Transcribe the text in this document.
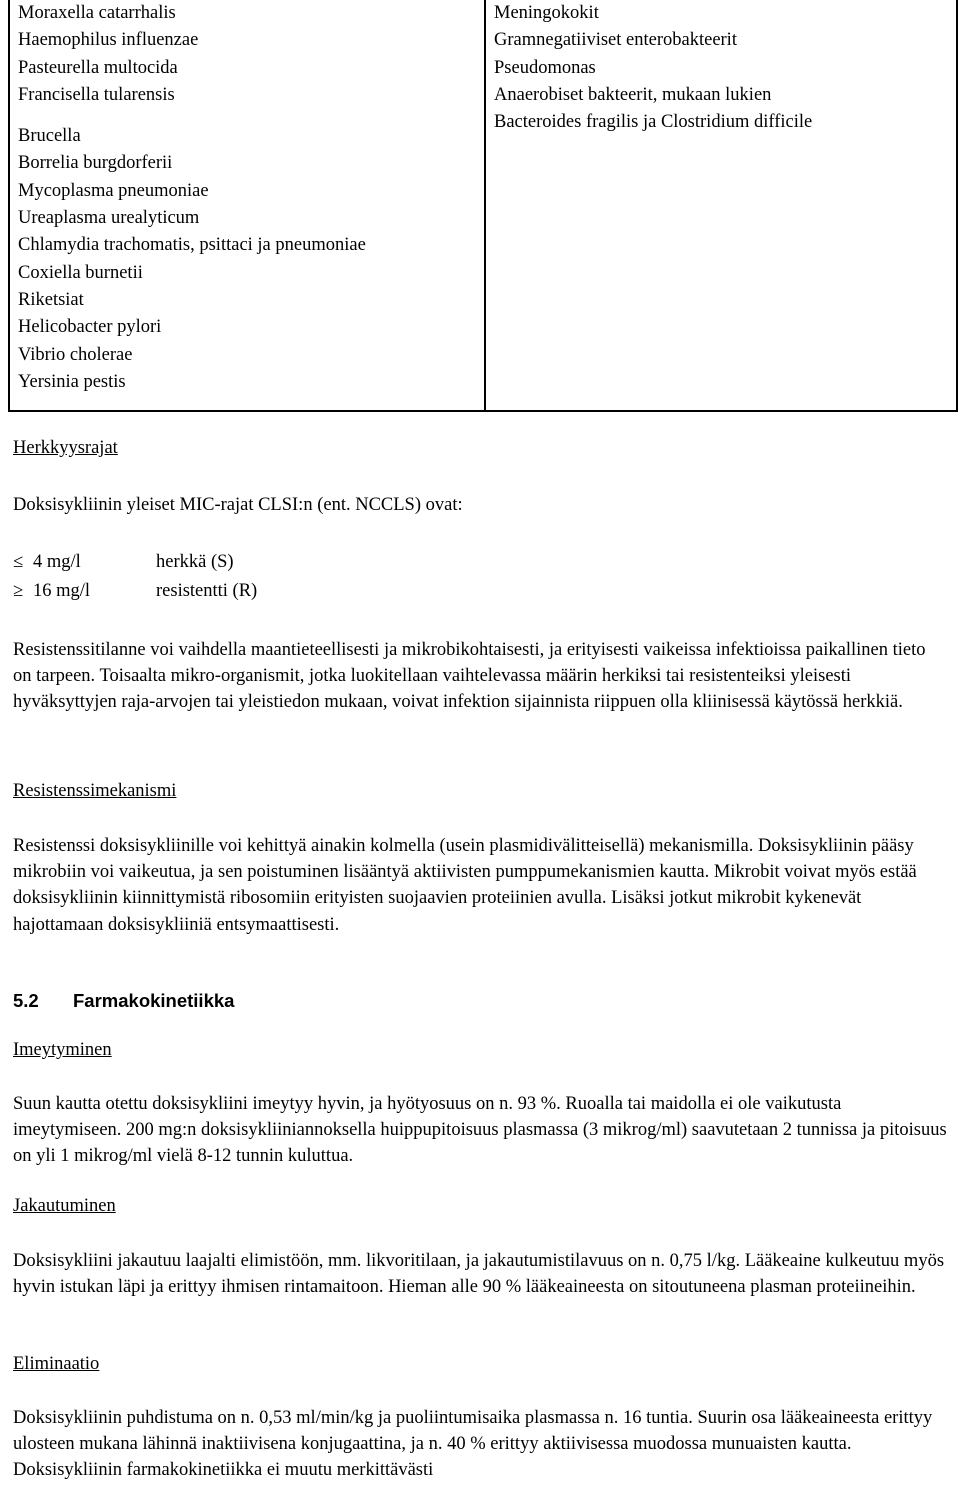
Moraxella catarrhalis
Haemophilus influenzae
Pasteurella multocida
Francisella tularensis
Brucella
Borrelia burgdorferii
Mycoplasma pneumoniae
Ureaplasma urealyticum
Chlamydia trachomatis, psittaci ja pneumoniae
Coxiella burnetii
Riketsiat
Helicobacter pylori
Vibrio cholerae
Yersinia pestis
Meningokokit
Gramnegatiiviset enterobakteerit
Pseudomonas
Anaerobiset bakteerit, mukaan lukien
Bacteroides fragilis ja Clostridium difficile
Herkkyysrajat
Doksisykliinin yleiset MIC-rajat CLSI:n (ent. NCCLS) ovat:
≤ 4 mg/l	herkkä (S)
≥ 16 mg/l	resistentti (R)
Resistenssitilanne voi vaihdella maantieteellisesti ja mikrobikohtaisesti, ja erityisesti vaikeissa infektioissa paikallinen tieto on tarpeen. Toisaalta mikro-organismit, jotka luokitellaan vaihtelevassa määrin herkiksi tai resistenteiksi yleisesti hyväksyttyjen raja-arvojen tai yleistiedon mukaan, voivat infektion sijainnista riippuen olla kliinisessä käytössä herkkiä.
Resistenssimekanismi
Resistenssi doksisykliinille voi kehittyä ainakin kolmella (usein plasmidivälitteisellä) mekanismilla. Doksisykliinin pääsy mikrobiin voi vaikeutua, ja sen poistuminen lisääntyä aktiivisten pumppumekanismien kautta. Mikrobit voivat myös estää doksisykliinin kiinnittymistä ribosomiin erityisten suojaavien proteiinien avulla. Lisäksi jotkut mikrobit kykenevät hajottamaan doksisykliiniä entsymaattisesti.
5.2 Farmakokinetiikka
Imeytyminen
Suun kautta otettu doksisykliini imeytyy hyvin, ja hyötyosuus on n. 93 %. Ruoalla tai maidolla ei ole vaikutusta imeytymiseen. 200 mg:n doksisykliiniannoksella huippupitoisuus plasmassa (3 mikrog/ml) saavutetaan 2 tunnissa ja pitoisuus on yli 1 mikrog/ml vielä 8-12 tunnin kuluttua.
Jakautuminen
Doksisykliini jakautuu laajalti elimistöön, mm. likvoritilaan, ja jakautumistilavuus on n. 0,75 l/kg. Lääkeaine kulkeutuu myös hyvin istukan läpi ja erittyy ihmisen rintamaitoon. Hieman alle 90 % lääkeaineesta on sitoutuneena plasman proteiineihin.
Eliminaatio
Doksisykliinin puhdistuma on n. 0,53 ml/min/kg ja puoliintumisaika plasmassa n. 16 tuntia. Suurin osa lääkeaineesta erittyy ulosteen mukana lähinnä inaktiivisena konjugaattina, ja n. 40 % erittyy aktiivisessa muodossa munuaisten kautta. Doksisykliinin farmakokinetiikka ei muutu merkittävästi
